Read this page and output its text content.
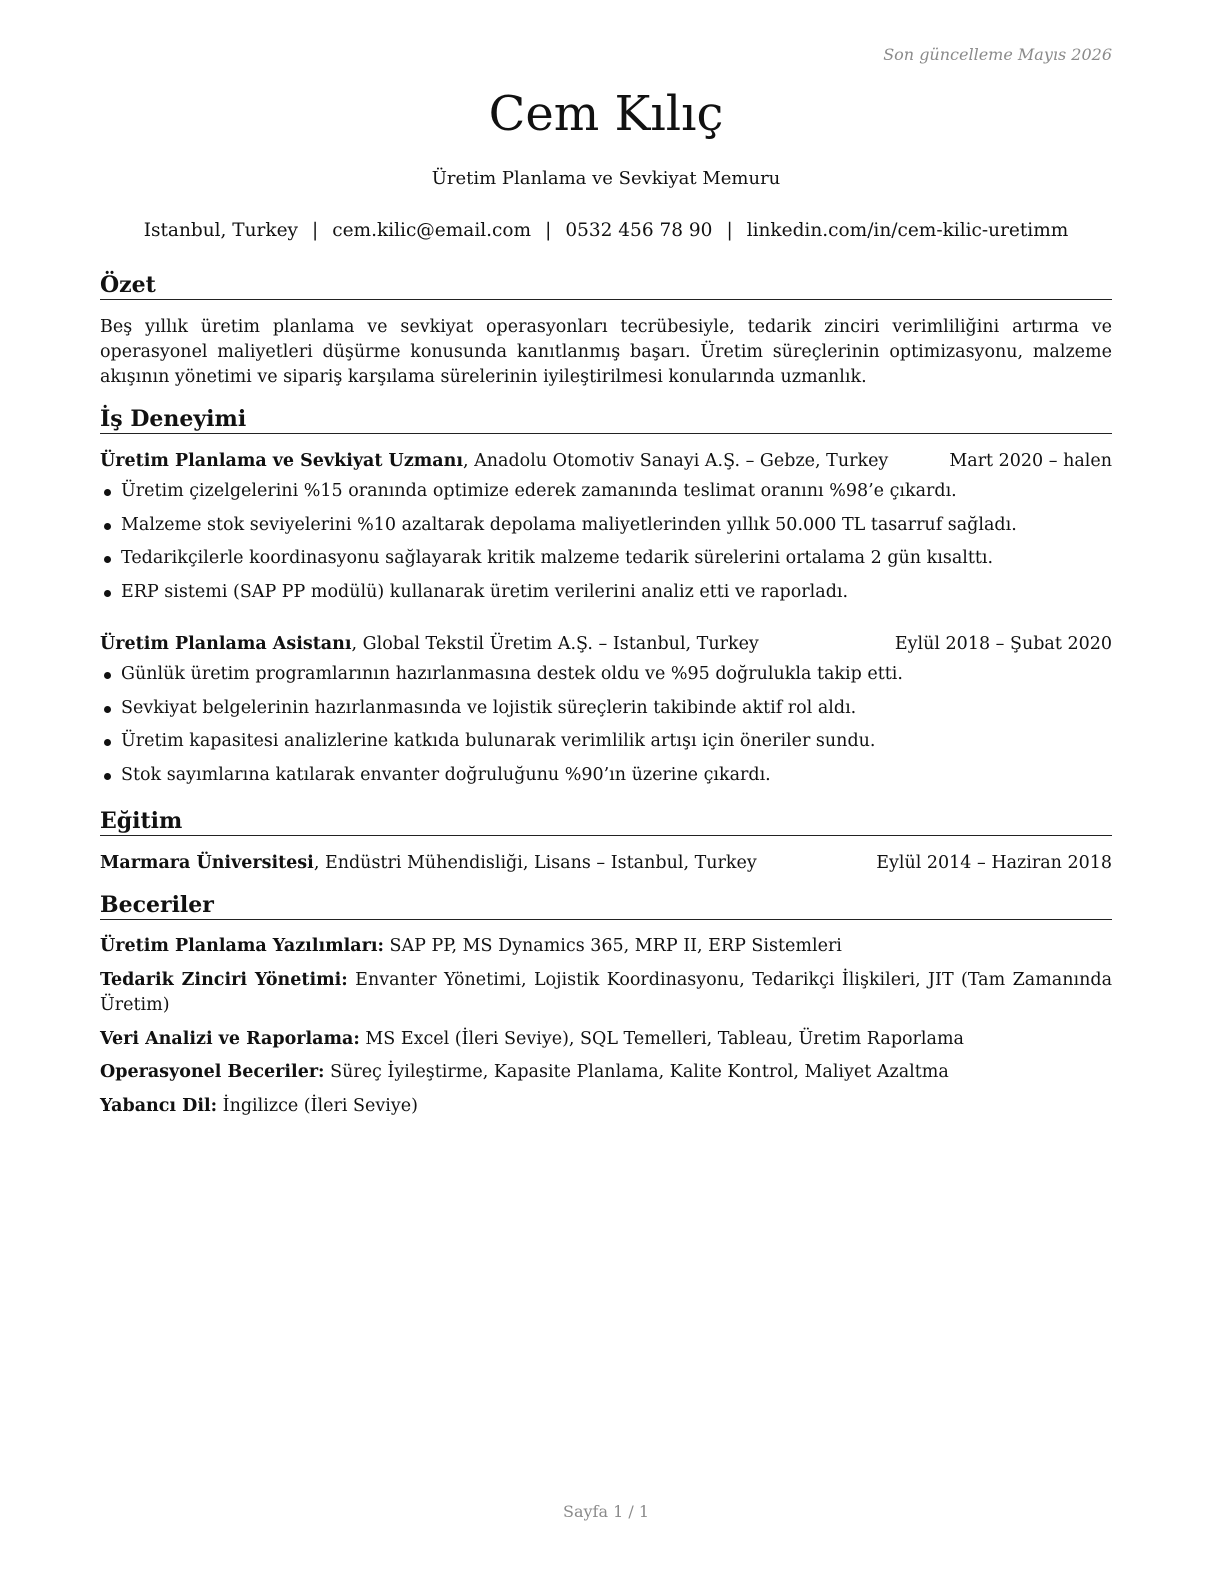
Son güncelleme Mayıs 2026
Cem Kılıç
Üretim Planlama ve Sevkiyat Memuru
Istanbul, Turkey | cem.kilic@email.com | 0532 456 78 90 | linkedin.com/in/cem-kilic-uretimm
Özet

Beş yıllık üretim planlama ve sevkiyat operasyonları tecrübesiyle, tedarik zinciri verimliliğini artırma ve operasyonel maliyetleri düşürme konusunda kanıtlanmış başarı. Üretim süreçlerinin optimizasyonu, malzeme akışının yönetimi ve sipariş karşılama sürelerinin iyileştirilmesi konularında uzmanlık.

İş Deneyimi
Üretim Planlama ve Sevkiyat Uzmanı, Anadolu Otomotiv Sanayi A.Ş. – Gebze, Turkey	Mart 2020 – halen
Üretim çizelgelerini %15 oranında optimize ederek zamanında teslimat oranını %98’e çıkardı.
Malzeme stok seviyelerini %10 azaltarak depolama maliyetlerinden yıllık 50.000 TL tasarruf sağladı.
Tedarikçilerle koordinasyonu sağlayarak kritik malzeme tedarik sürelerini ortalama 2 gün kısalttı.
ERP sistemi (SAP PP modülü) kullanarak üretim verilerini analiz etti ve raporladı.
Üretim Planlama Asistanı, Global Tekstil Üretim A.Ş. – Istanbul, Turkey	Eylül 2018 – Şubat 2020
Günlük üretim programlarının hazırlanmasına destek oldu ve %95 doğrulukla takip etti.
Sevkiyat belgelerinin hazırlanmasında ve lojistik süreçlerin takibinde aktif rol aldı.
Üretim kapasitesi analizlerine katkıda bulunarak verimlilik artışı için öneriler sundu.
Stok sayımlarına katılarak envanter doğruluğunu %90’ın üzerine çıkardı.
Eğitim
Marmara Üniversitesi, Endüstri Mühendisliği, Lisans – Istanbul, Turkey	Eylül 2014 – Haziran 2018
Beceriler
Üretim Planlama Yazılımları: SAP PP, MS Dynamics 365, MRP II, ERP Sistemleri
Tedarik Zinciri Yönetimi: Envanter Yönetimi, Lojistik Koordinasyonu, Tedarikçi İlişkileri, JIT (Tam Zamanında Üretim)
Veri Analizi ve Raporlama: MS Excel (İleri Seviye), SQL Temelleri, Tableau, Üretim Raporlama
Operasyonel Beceriler: Süreç İyileştirme, Kapasite Planlama, Kalite Kontrol, Maliyet Azaltma
Yabancı Dil: İngilizce (İleri Seviye)
Sayfa 1 / 1
